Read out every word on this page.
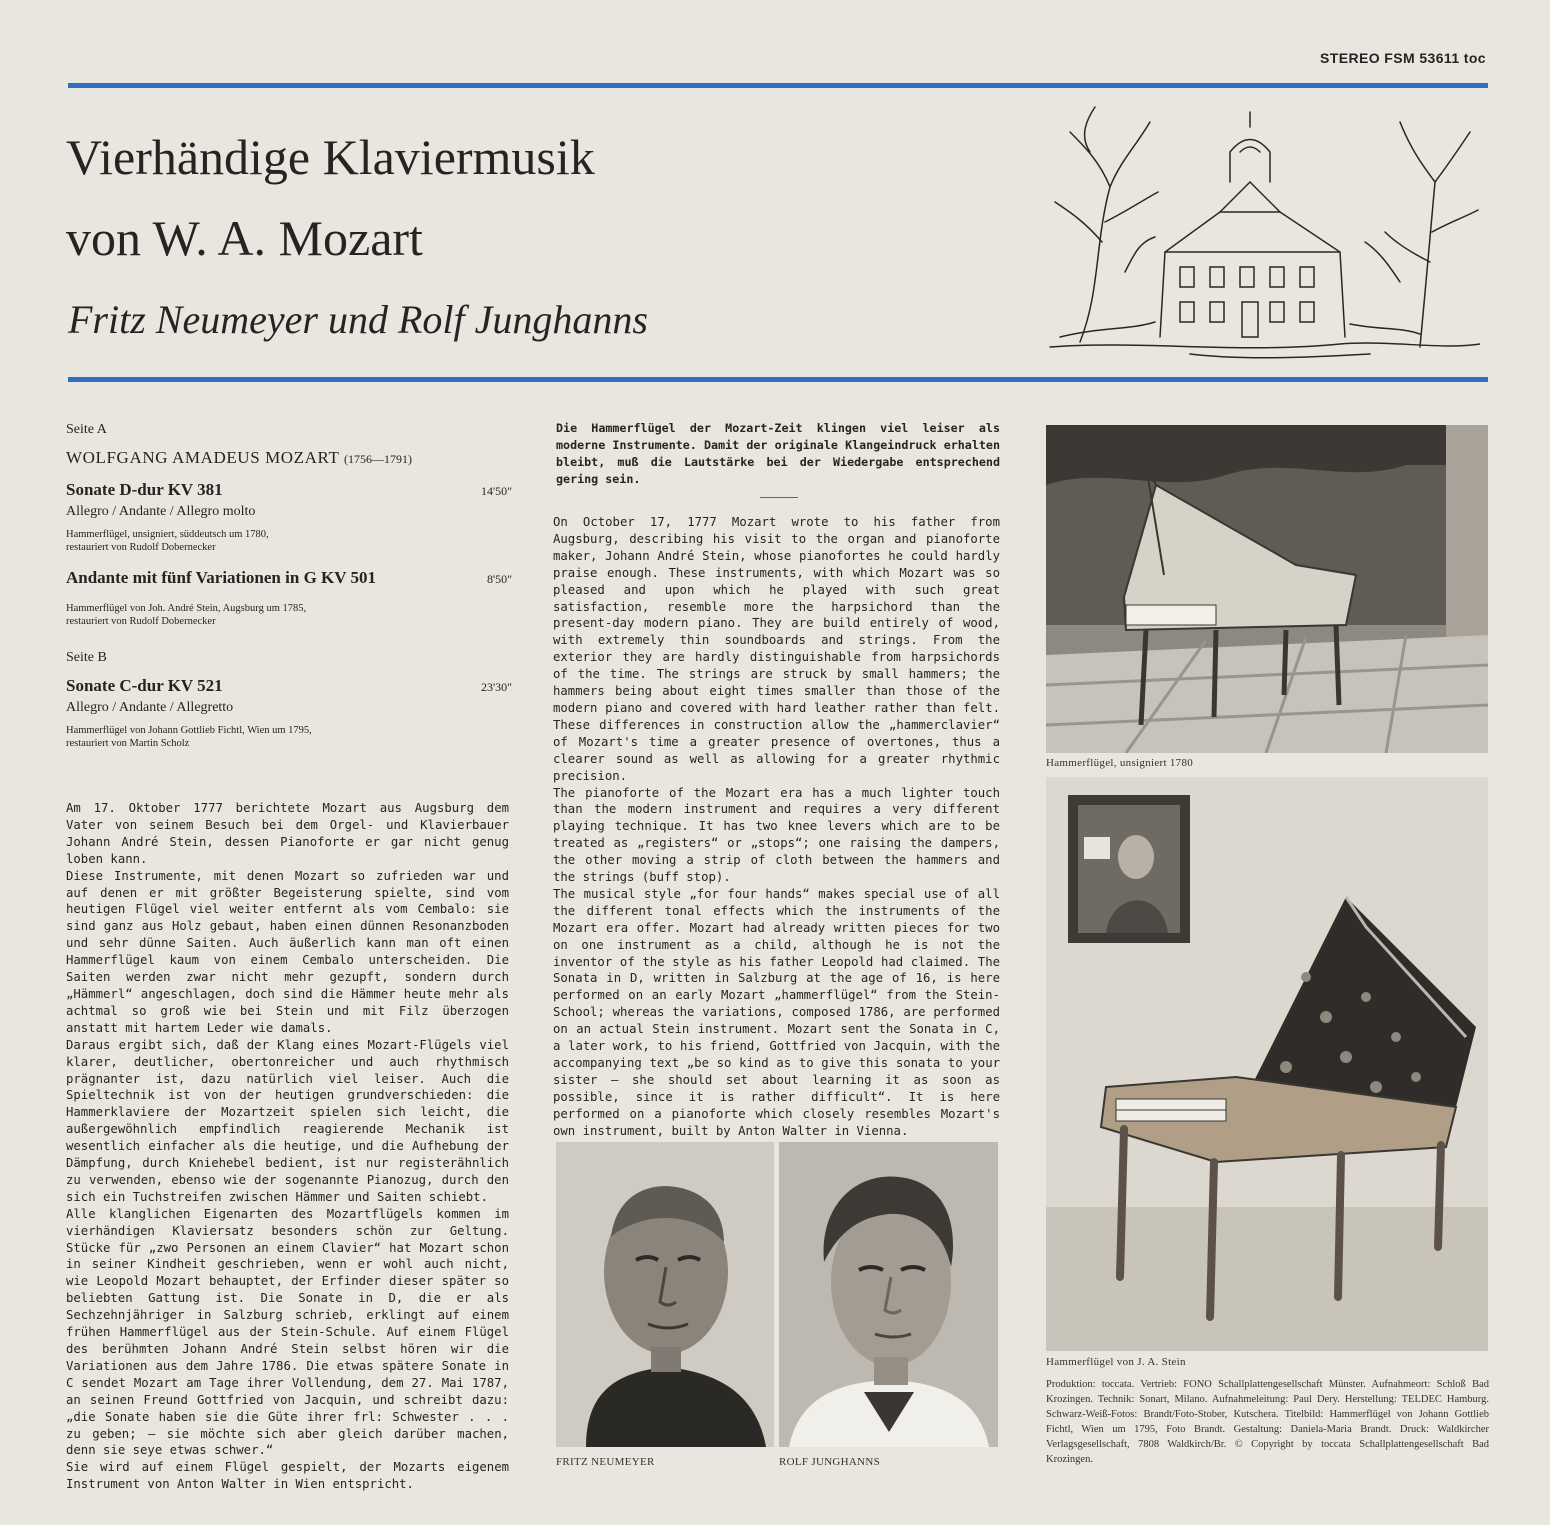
STEREO FSM 53611 toc
Vierhändige Klaviermusik
von W. A. Mozart
Fritz Neumeyer und Rolf Junghanns
Seite A
WOLFGANG AMADEUS MOZART (1756—1791)
Sonate D-dur KV 381	14'50"
Allegro / Andante / Allegro molto
Hammerflügel, unsigniert, süddeutsch um 1780,
restauriert von Rudolf Dobernecker
Andante mit fünf Variationen in G KV 501	8'50"
Hammerflügel von Joh. André Stein, Augsburg um 1785,
restauriert von Rudolf Dobernecker
Seite B
Sonate C-dur KV 521	23'30"
Allegro / Andante / Allegretto
Hammerflügel von Johann Gottlieb Fichtl, Wien um 1795,
restauriert von Martin Scholz

Am 17. Oktober 1777 berichtete Mozart aus Augsburg dem Vater von seinem Besuch bei dem Orgel- und Klavierbauer Johann André Stein, dessen Pianoforte er gar nicht genug loben kann.

Diese Instrumente, mit denen Mozart so zufrieden war und auf denen er mit größter Begeisterung spielte, sind vom heutigen Flügel viel weiter entfernt als vom Cembalo: sie sind ganz aus Holz gebaut, haben einen dünnen Resonanzboden und sehr dünne Saiten. Auch äußerlich kann man oft einen Hammerflügel kaum von einem Cembalo unterscheiden. Die Saiten werden zwar nicht mehr gezupft, sondern durch „Hämmerl“ angeschlagen, doch sind die Hämmer heute mehr als achtmal so groß wie bei Stein und mit Filz überzogen anstatt mit hartem Leder wie damals.

Daraus ergibt sich, daß der Klang eines Mozart-Flügels viel klarer, deutlicher, obertonreicher und auch rhythmisch prägnanter ist, dazu natürlich viel leiser. Auch die Spieltechnik ist von der heutigen grundverschieden: die Hammerklaviere der Mozartzeit spielen sich leicht, die außergewöhnlich empfindlich reagierende Mechanik ist wesentlich einfacher als die heutige, und die Aufhebung der Dämpfung, durch Kniehebel bedient, ist nur registerähnlich zu verwenden, ebenso wie der sogenannte Pianozug, durch den sich ein Tuchstreifen zwischen Hämmer und Saiten schiebt.

Alle klanglichen Eigenarten des Mozartflügels kommen im vierhändigen Klaviersatz besonders schön zur Geltung. Stücke für „zwo Personen an einem Clavier“ hat Mozart schon in seiner Kindheit geschrieben, wenn er wohl auch nicht, wie Leopold Mozart behauptet, der Erfinder dieser später so beliebten Gattung ist. Die Sonate in D, die er als Sechzehnjähriger in Salzburg schrieb, erklingt auf einem frühen Hammerflügel aus der Stein-Schule. Auf einem Flügel des berühmten Johann André Stein selbst hören wir die Variationen aus dem Jahre 1786. Die etwas spätere Sonate in C sendet Mozart am Tage ihrer Vollendung, dem 27. Mai 1787, an seinen Freund Gottfried von Jacquin, und schreibt dazu: „die Sonate haben sie die Güte ihrer frl: Schwester . . . zu geben; — sie möchte sich aber gleich darüber machen, denn sie seye etwas schwer.“

Sie wird auf einem Flügel gespielt, der Mozarts eigenem Instrument von Anton Walter in Wien entspricht.

Die Hammerflügel der Mozart-Zeit klingen viel leiser als moderne Instrumente. Damit der originale Klangeindruck erhalten bleibt, muß die Lautstärke bei der Wiedergabe entsprechend gering sein.

On October 17, 1777 Mozart wrote to his father from Augsburg, describing his visit to the organ and pianoforte maker, Johann André Stein, whose pianofortes he could hardly praise enough. These instruments, with which Mozart was so pleased and upon which he played with such great satisfaction, resemble more the harpsichord than the present-day modern piano. They are build entirely of wood, with extremely thin soundboards and strings. From the exterior they are hardly distinguishable from harpsichords of the time. The strings are struck by small hammers; the hammers being about eight times smaller than those of the modern piano and covered with hard leather rather than felt. These differences in construction allow the „hammerclavier“ of Mozart's time a greater presence of overtones, thus a clearer sound as well as allowing for a greater rhythmic precision.

The pianoforte of the Mozart era has a much lighter touch than the modern instrument and requires a very different playing technique. It has two knee levers which are to be treated as „registers“ or „stops“; one raising the dampers, the other moving a strip of cloth between the hammers and the strings (buff stop).

The musical style „for four hands“ makes special use of all the different tonal effects which the instruments of the Mozart era offer. Mozart had already written pieces for two on one instrument as a child, although he is not the inventor of the style as his father Leopold had claimed. The Sonata in D, written in Salzburg at the age of 16, is here performed on an early Mozart „hammerflügel“ from the Stein-School; whereas the variations, composed 1786, are performed on an actual Stein instrument. Mozart sent the Sonata in C, a later work, to his friend, Gottfried von Jacquin, with the accompanying text „be so kind as to give this sonata to your sister — she should set about learning it as soon as possible, since it is rather difficult“. It is here performed on a pianoforte which closely resembles Mozart's own instrument, built by Anton Walter in Vienna.

FRITZ NEUMEYER	ROLF JUNGHANNS
Hammerflügel, unsigniert 1780
Hammerflügel von J. A. Stein
Produktion: toccata. Vertrieb: FONO Schallplattengesellschaft Münster. Aufnahmeort: Schloß Bad Krozingen. Technik: Sonart, Milano. Aufnahmeleitung: Paul Dery. Herstellung: TELDEC Hamburg. Schwarz-Weiß-Fotos: Brandt/Foto-Stober, Kutschera. Titelbild: Hammerflügel von Johann Gottlieb Fichtl, Wien um 1795, Foto Brandt. Gestaltung: Daniela-Maria Brandt. Druck: Waldkircher Verlagsgesellschaft, 7808 Waldkirch/Br. © Copyright by toccata Schallplattengesellschaft Bad Krozingen.
